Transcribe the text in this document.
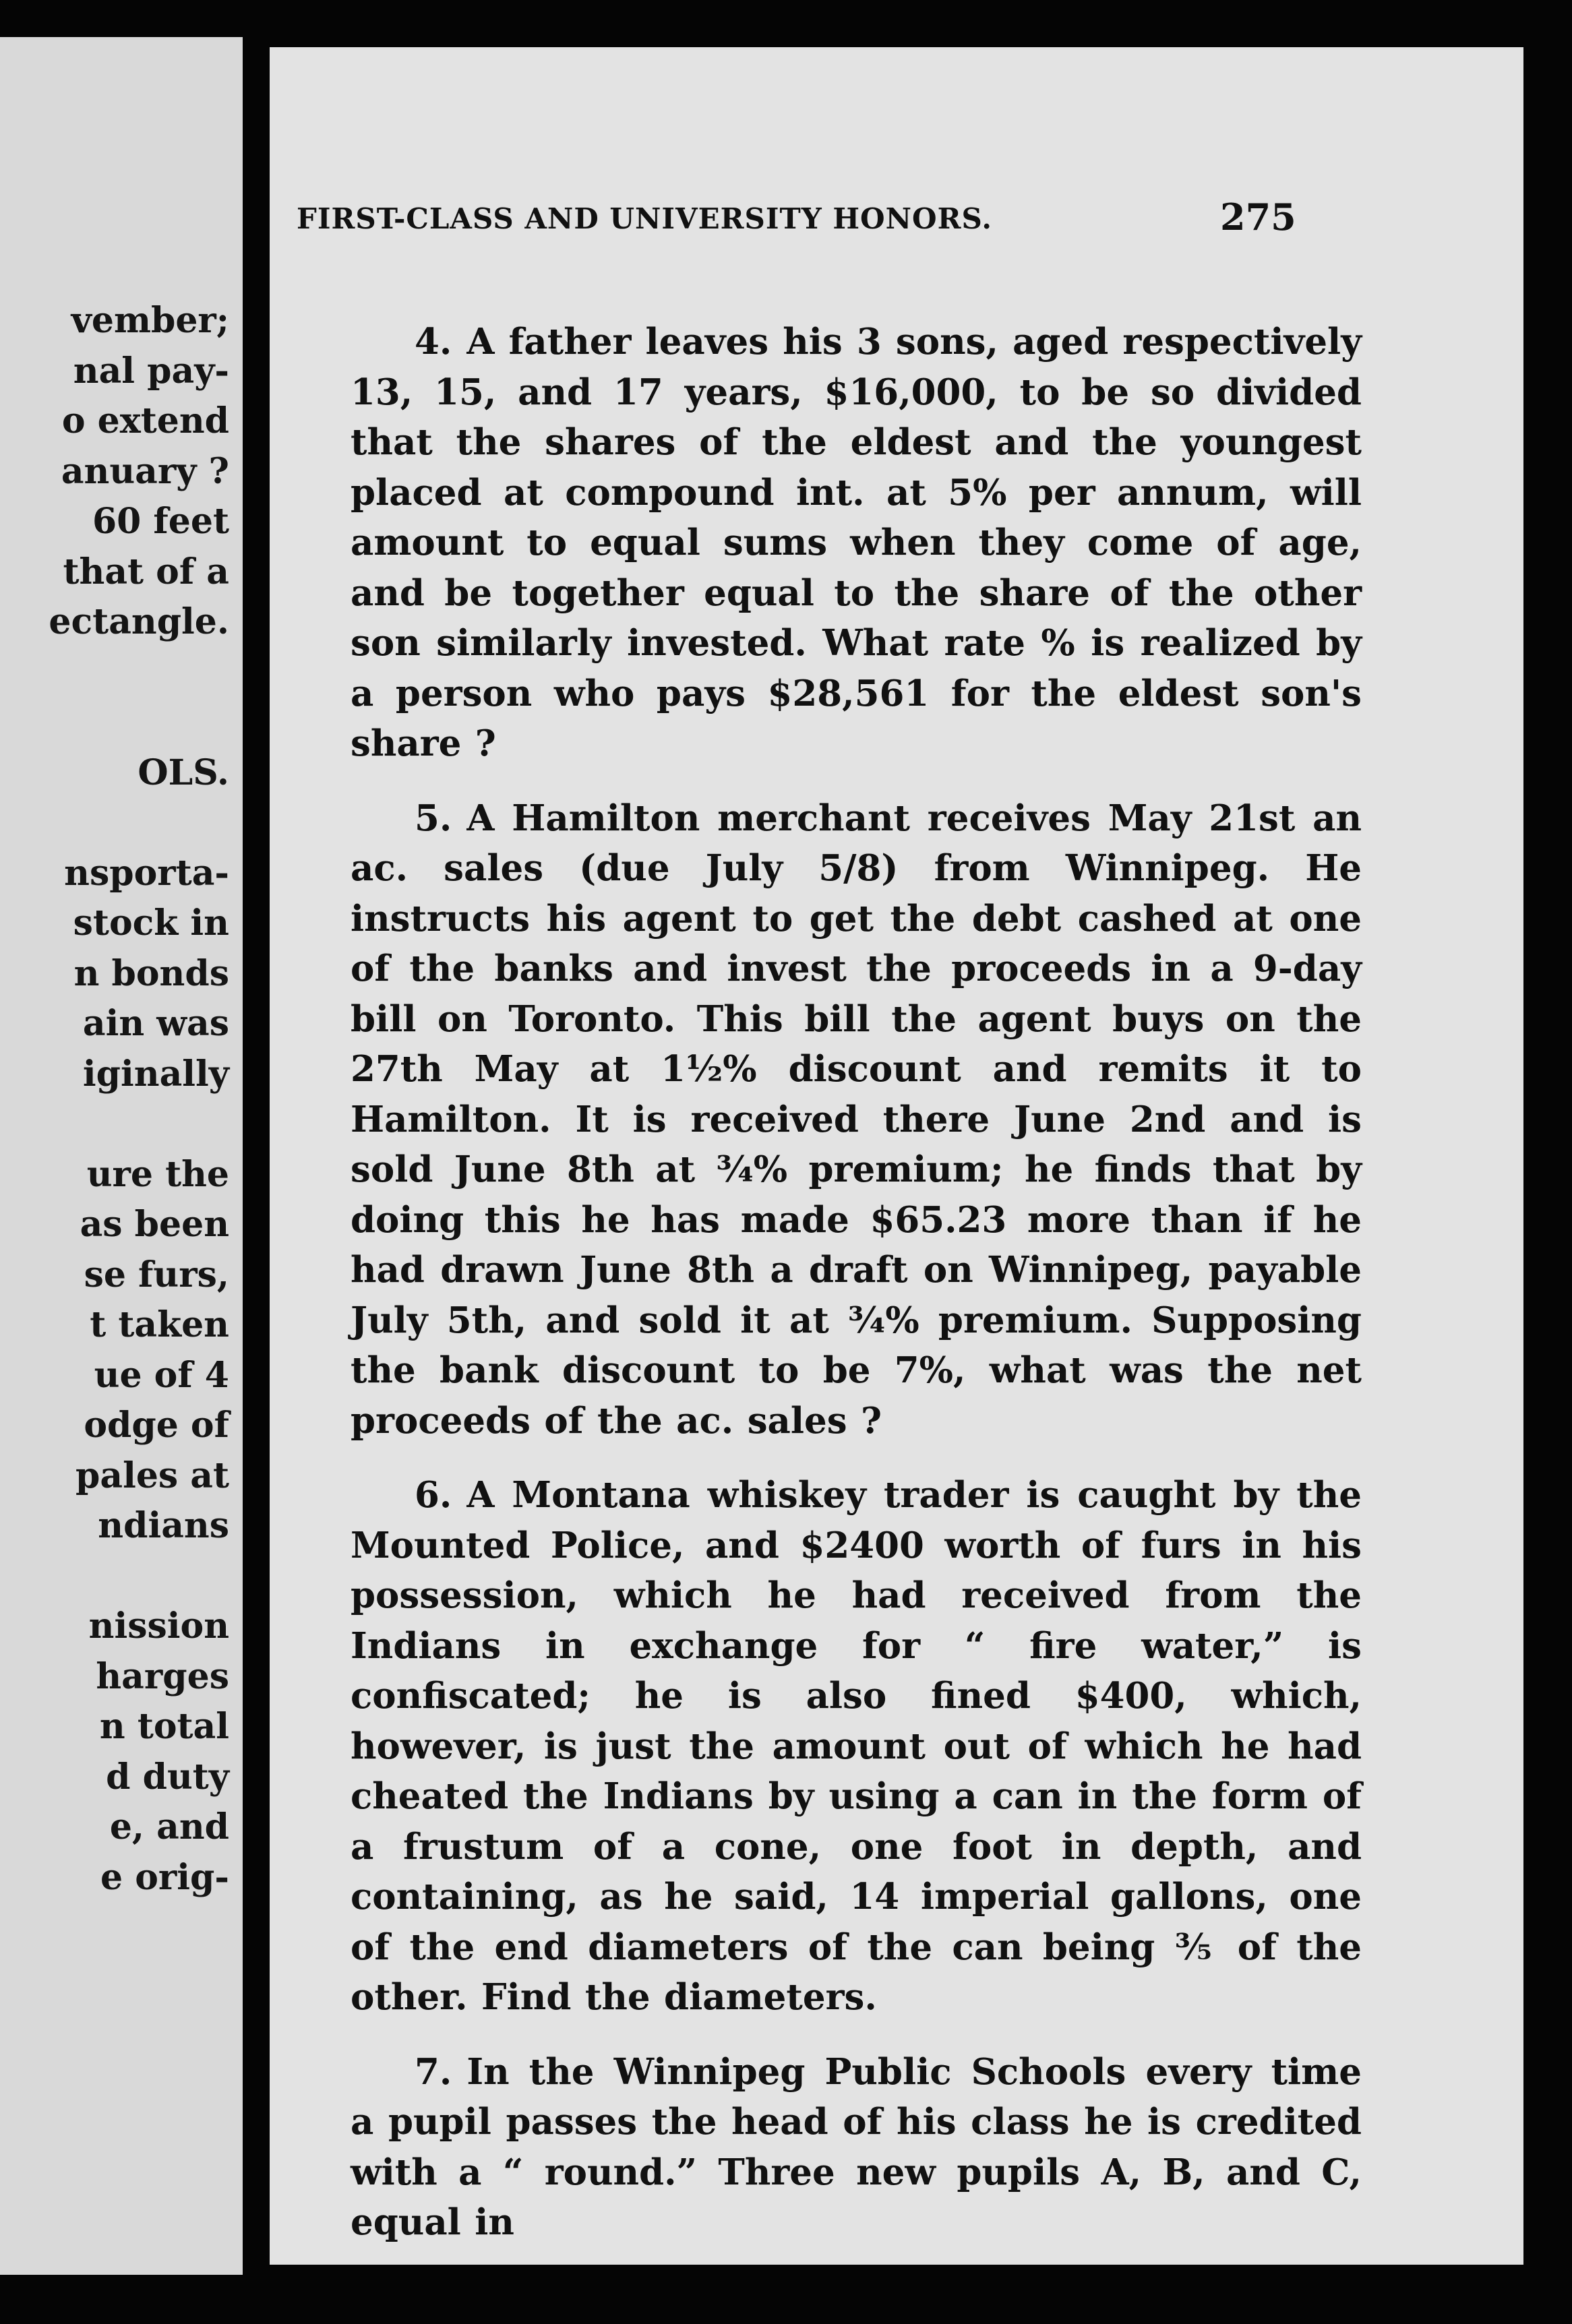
vember;
nal pay-
o extend
anuary ?
60 feet
that of a
ectangle.
OLS.
nsporta-
stock in
n bonds
ain was
iginally
ure the
as been
se furs,
t taken
ue of 4
odge of
pales at
ndians
nission
harges
n total
d duty
e, and
e orig-
FIRST-CLASS AND UNIVERSITY HONORS.	275

4. A father leaves his 3 sons, aged respectively 13, 15, and 17 years, $16,000, to be so divided that the shares of the eldest and the youngest placed at compound int. at 5% per annum, will amount to equal sums when they come of age, and be together equal to the share of the other son similarly invested. What rate % is realized by a person who pays $28,561 for the eldest son's share ?

5. A Hamilton merchant receives May 21st an ac. sales (due July 5/8) from Winnipeg. He instructs his agent to get the debt cashed at one of the banks and invest the proceeds in a 9-day bill on Toronto. This bill the agent buys on the 27th May at 1½% discount and remits it to Hamilton. It is received there June 2nd and is sold June 8th at ¾% premium; he finds that by doing this he has made $65.23 more than if he had drawn June 8th a draft on Winnipeg, payable July 5th, and sold it at ¾% premium. Supposing the bank discount to be 7%, what was the net proceeds of the ac. sales ?

6. A Montana whiskey trader is caught by the Mounted Police, and $2400 worth of furs in his possession, which he had received from the Indians in exchange for “ fire water,” is confiscated; he is also fined $400, which, however, is just the amount out of which he had cheated the Indians by using a can in the form of a frustum of a cone, one foot in depth, and containing, as he said, 14 imperial gallons, one of the end diameters of the can being ⅗ of the other. Find the diameters.

7. In the Winnipeg Public Schools every time a pupil passes the head of his class he is credited with a “ round.” Three new pupils A, B, and C, equal in
